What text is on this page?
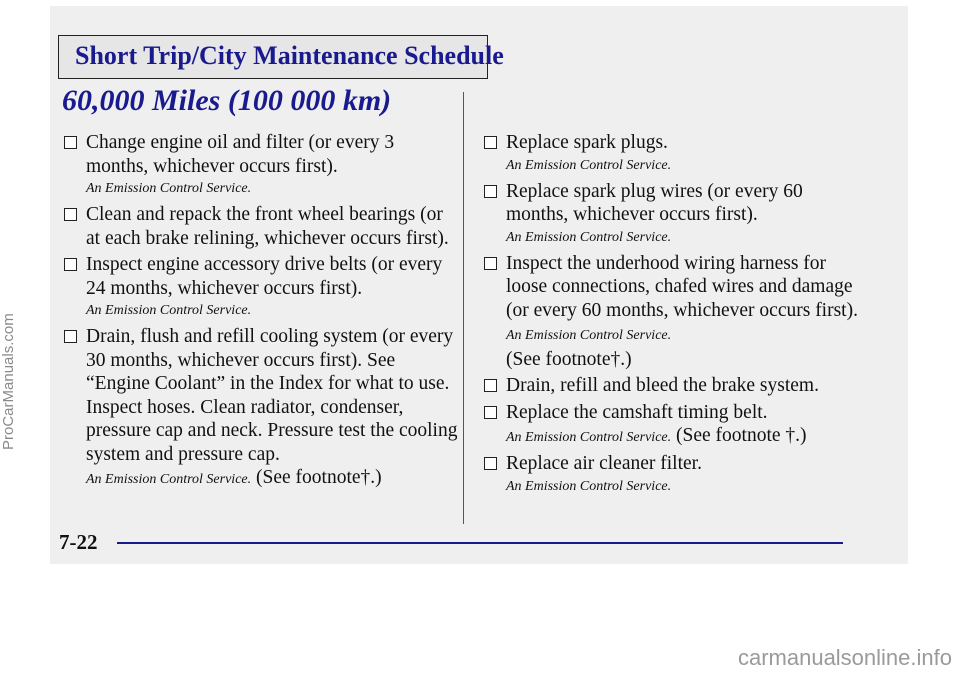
Short Trip/City Maintenance Schedule
60,000 Miles (100 000 km)
Change engine oil and filter (or every 3 months, whichever occurs first).
An Emission Control Service.
Clean and repack the front wheel bearings (or at each brake relining, whichever occurs first).
Inspect engine accessory drive belts (or every 24 months, whichever occurs first).
An Emission Control Service.
Drain, flush and refill cooling system (or every 30 months, whichever occurs first). See “Engine Coolant” in the Index for what to use. Inspect hoses. Clean radiator, condenser, pressure cap and neck. Pressure test the cooling system and pressure cap.
An Emission Control Service. (See footnote†.)
Replace spark plugs.
An Emission Control Service.
Replace spark plug wires (or every 60 months, whichever occurs first).
An Emission Control Service.
Inspect the underhood wiring harness for loose connections, chafed wires and damage (or every 60 months, whichever occurs first). An Emission Control Service.
(See footnote†.)
Drain, refill and bleed the brake system.
Replace the camshaft timing belt.
An Emission Control Service. (See footnote †.)
Replace air cleaner filter.
An Emission Control Service.
7-22
ProCarManuals.com
carmanualsonline.info
